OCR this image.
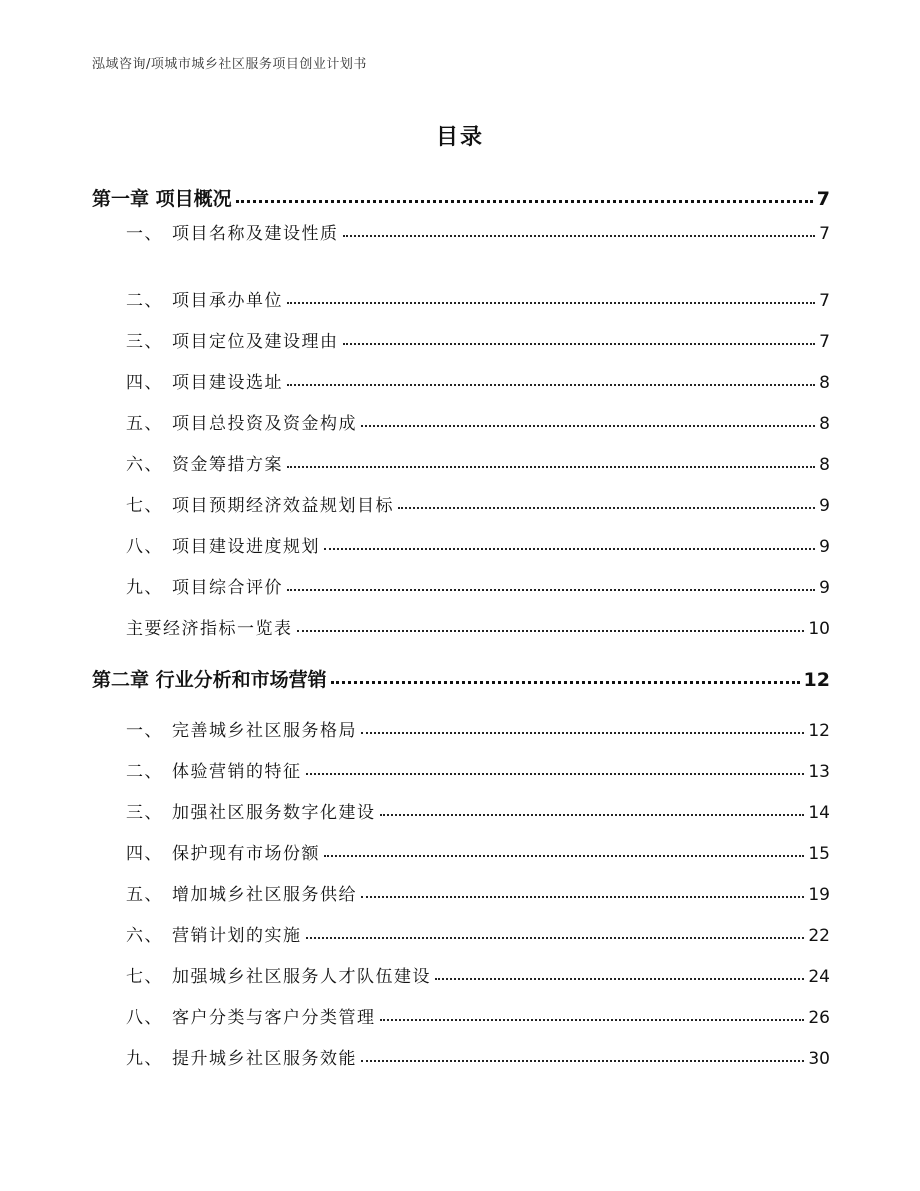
泓域咨询/项城市城乡社区服务项目创业计划书
目录
第一章 项目概况	7
一、 项目名称及建设性质	7
二、 项目承办单位	7
三、 项目定位及建设理由	7
四、 项目建设选址	8
五、 项目总投资及资金构成	8
六、 资金筹措方案	8
七、 项目预期经济效益规划目标	9
八、 项目建设进度规划	9
九、 项目综合评价	9
主要经济指标一览表	10
第二章 行业分析和市场营销	12
一、 完善城乡社区服务格局	12
二、 体验营销的特征	13
三、 加强社区服务数字化建设	14
四、 保护现有市场份额	15
五、 增加城乡社区服务供给	19
六、 营销计划的实施	22
七、 加强城乡社区服务人才队伍建设	24
八、 客户分类与客户分类管理	26
九、 提升城乡社区服务效能	30
